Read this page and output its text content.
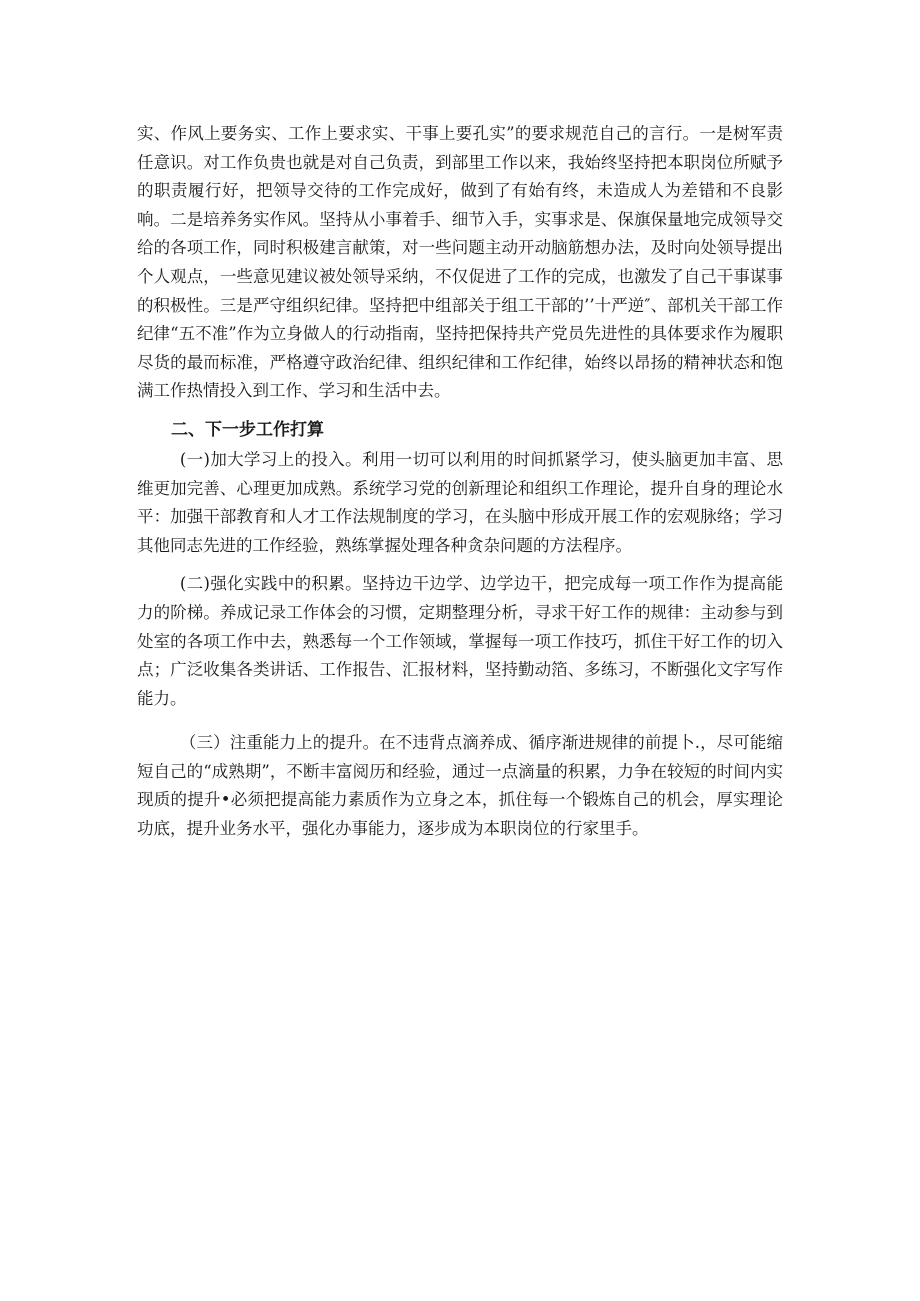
实、作风上要务实、工作上要求实、干事上要孔实”的要求规范自己的言行。一是树军责任意识。对工作负贵也就是对自己负责，到部里工作以来，我始终坚持把本职岗位所赋予的职责履行好，把领导交待的工作完成好，做到了有始有终，未造成人为差错和不良影响。二是培养务实作风。坚持从小事着手、细节入手，实事求是、保旗保量地完成领导交给的各项工作，同时积极建言献策，对一些问题主动开动脑筋想办法，及时向处领导提出个人观点，一些意见建议被处领导采纳，不仅促进了工作的完成，也激发了自己干事谋事的积极性。三是严守组织纪律。坚持把中组部关于组工干部的’’十严逆″、部机关干部工作纪律“五不准”作为立身做人的行动指南，坚持把保持共产党员先进性的具体要求作为履职尽货的最而标准，严格遵守政治纪律、组织纪律和工作纪律，始终以昂扬的精神状态和饱满工作热情投入到工作、学习和生活中去。

二、下一步工作打算

(一)加大学习上的投入。利用一切可以利用的时间抓紧学习，使头脑更加丰富、思维更加完善、心理更加成熟。系统学习党的创新理论和组织工作理论，提升自身的理论水平：加强干部教育和人才工作法规制度的学习，在头脑中形成开展工作的宏观脉络；学习其他同志先进的工作经验，熟练掌握处理各种贪杂问题的方法程序。

(二)强化实践中的积累。坚持边干边学、边学边干，把完成每一项工作作为提高能力的阶梯。养成记录工作体会的习惯，定期整理分析，寻求干好工作的规律：主动参与到处室的各项工作中去，熟悉每一个工作领域，掌握每一项工作技巧，抓住干好工作的切入点；广泛收集各类讲话、工作报告、汇报材料，坚持勤动箔、多练习，不断强化文字写作能力。

（三）注重能力上的提升。在不违背点滴养成、循序渐进规律的前提卜.，尽可能缩短自己的“成熟期”，不断丰富阅历和经验，通过一点滴量的积累，力争在较短的时间内实现质的提升•必须把提高能力素质作为立身之本，抓住每一个锻炼自己的机会，厚实理论功底，提升业务水平，强化办事能力，逐步成为本职岗位的行家里手。
